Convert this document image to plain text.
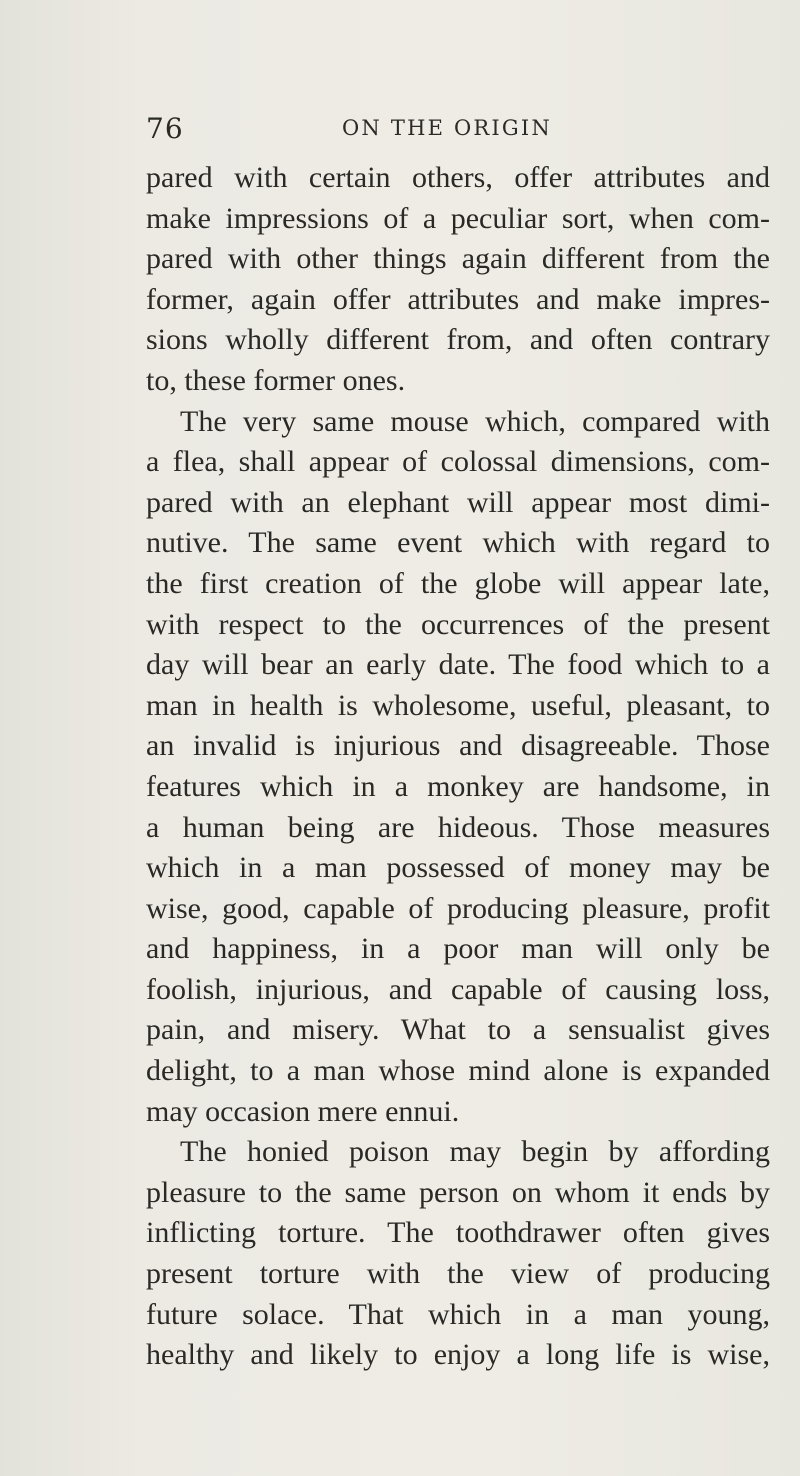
76	ON THE ORIGIN
pared with certain others, offer attributes and
make impressions of a peculiar sort, when com-
pared with other things again different from the
former, again offer attributes and make impres-
sions wholly different from, and often contrary
to, these former ones.
The very same mouse which, compared with
a flea, shall appear of colossal dimensions, com-
pared with an elephant will appear most dimi-
nutive. The same event which with regard to
the first creation of the globe will appear late,
with respect to the occurrences of the present
day will bear an early date. The food which to a
man in health is wholesome, useful, pleasant, to
an invalid is injurious and disagreeable. Those
features which in a monkey are handsome, in
a human being are hideous. Those measures
which in a man possessed of money may be
wise, good, capable of producing pleasure, profit
and happiness, in a poor man will only be
foolish, injurious, and capable of causing loss,
pain, and misery. What to a sensualist gives
delight, to a man whose mind alone is expanded
may occasion mere ennui.
The honied poison may begin by affording
pleasure to the same person on whom it ends by
inflicting torture. The toothdrawer often gives
present torture with the view of producing
future solace. That which in a man young,
healthy and likely to enjoy a long life is wise,
